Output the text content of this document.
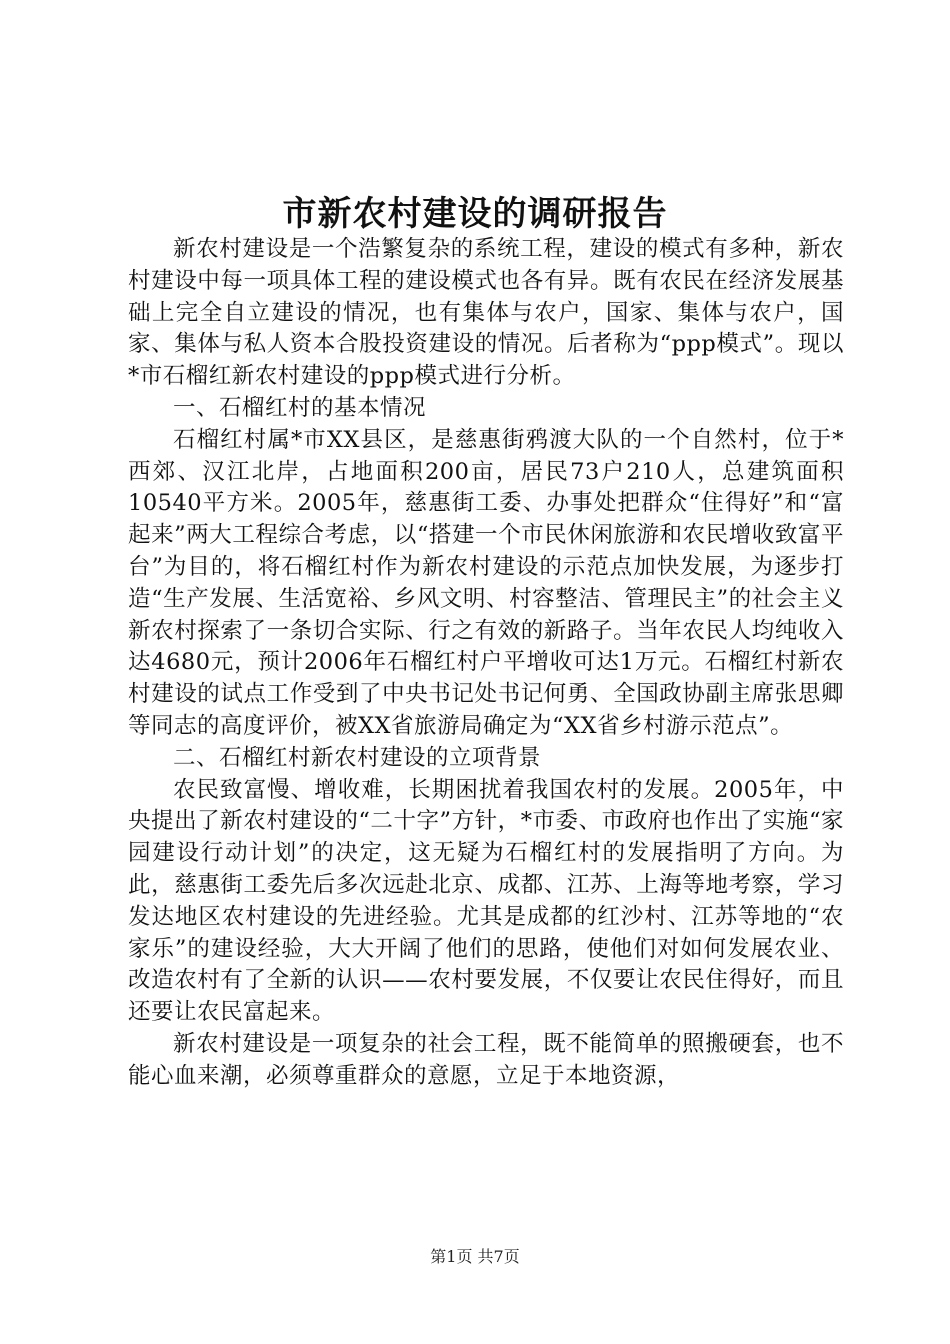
市新农村建设的调研报告

新农村建设是一个浩繁复杂的系统工程，建设的模式有多种，新农村建设中每一项具体工程的建设模式也各有异。既有农民在经济发展基础上完全自立建设的情况，也有集体与农户，国家、集体与农户，国家、集体与私人资本合股投资建设的情况。后者称为“ppp模式”。现以*市石榴红新农村建设的ppp模式进行分析。

一、石榴红村的基本情况

石榴红村属*市XX县区，是慈惠街鸦渡大队的一个自然村，位于*西郊、汉江北岸，占地面积200亩，居民73户210人，总建筑面积10540平方米。2005年，慈惠街工委、办事处把群众“住得好”和“富起来”两大工程综合考虑，以“搭建一个市民休闲旅游和农民增收致富平台”为目的，将石榴红村作为新农村建设的示范点加快发展，为逐步打造“生产发展、生活宽裕、乡风文明、村容整洁、管理民主”的社会主义新农村探索了一条切合实际、行之有效的新路子。当年农民人均纯收入达4680元，预计2006年石榴红村户平增收可达1万元。石榴红村新农村建设的试点工作受到了中央书记处书记何勇、全国政协副主席张思卿等同志的高度评价，被XX省旅游局确定为“XX省乡村游示范点”。

二、石榴红村新农村建设的立项背景

农民致富慢、增收难，长期困扰着我国农村的发展。2005年，中央提出了新农村建设的“二十字”方针，*市委、市政府也作出了实施“家园建设行动计划”的决定，这无疑为石榴红村的发展指明了方向。为此，慈惠街工委先后多次远赴北京、成都、江苏、上海等地考察，学习发达地区农村建设的先进经验。尤其是成都的红沙村、江苏等地的“农家乐”的建设经验，大大开阔了他们的思路，使他们对如何发展农业、改造农村有了全新的认识——农村要发展，不仅要让农民住得好，而且还要让农民富起来。

新农村建设是一项复杂的社会工程，既不能简单的照搬硬套，也不能心血来潮，必须尊重群众的意愿，立足于本地资源，

第1页 共7页
